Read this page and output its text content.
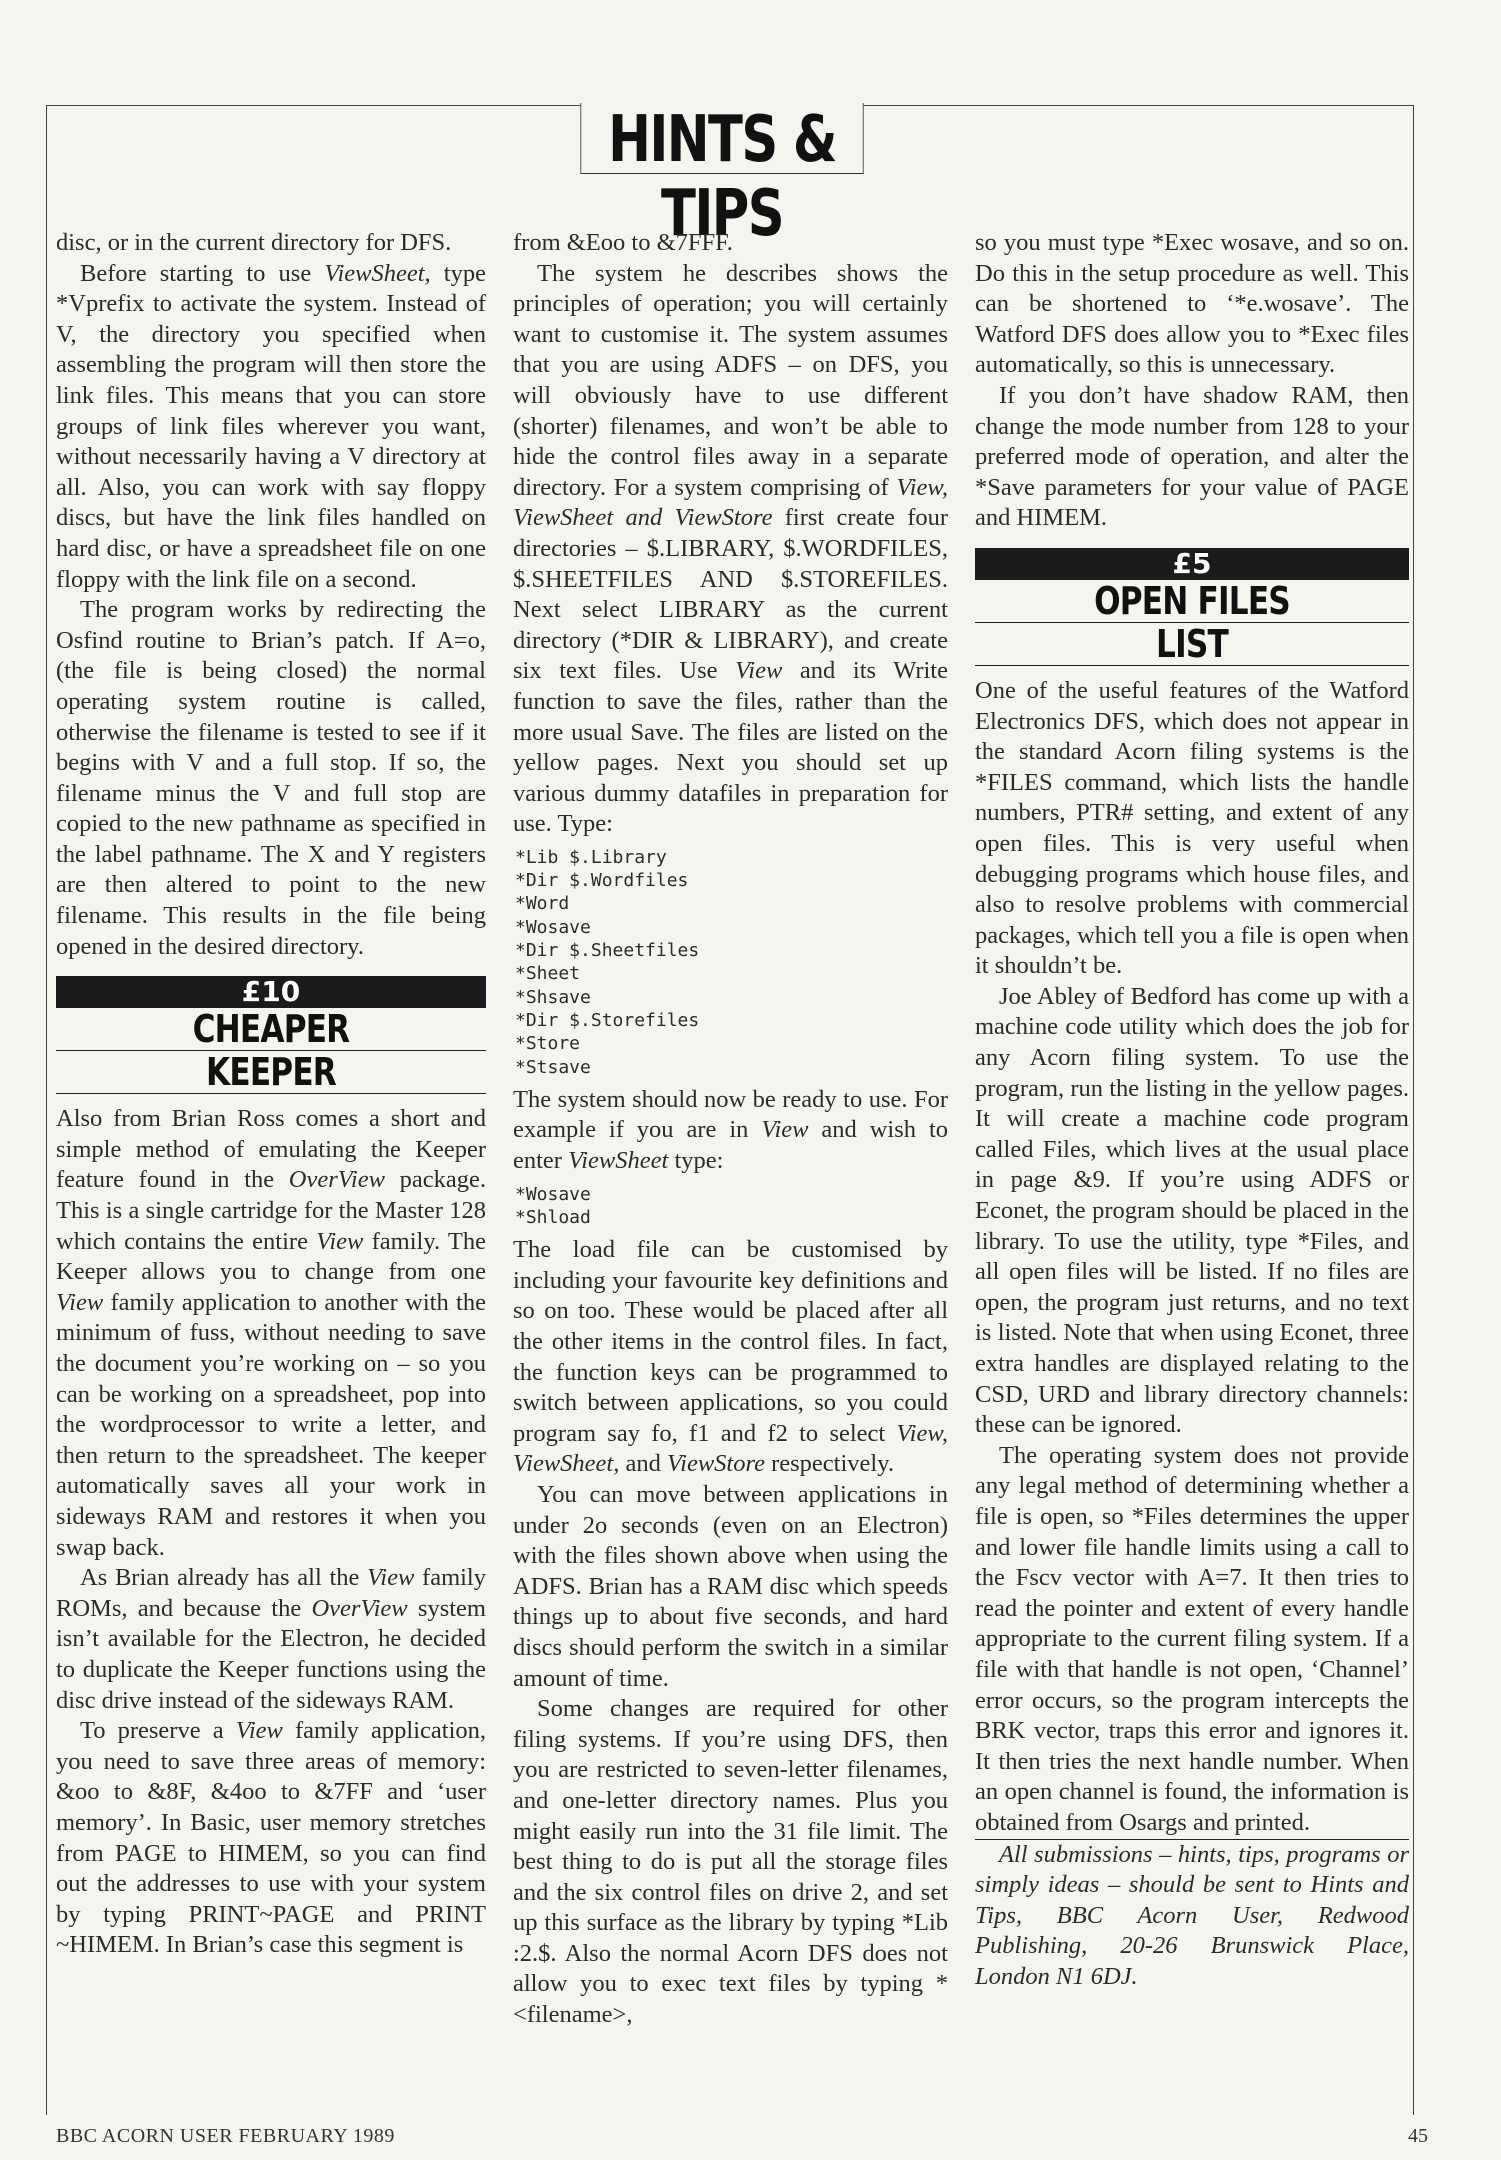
HINTS & TIPS

disc, or in the current directory for DFS.

Before starting to use ViewSheet, type *Vprefix to activate the system. Instead of V, the directory you specified when assembling the program will then store the link files. This means that you can store groups of link files wherever you want, without necessarily having a V directory at all. Also, you can work with say floppy discs, but have the link files handled on hard disc, or have a spreadsheet file on one floppy with the link file on a second.

The program works by redirecting the Osfind routine to Brian’s patch. If A=o, (the file is being closed) the normal operating system routine is called, otherwise the filename is tested to see if it begins with V and a full stop. If so, the filename minus the V and full stop are copied to the new pathname as specified in the label pathname. The X and Y registers are then altered to point to the new filename. This results in the file being opened in the desired directory.

£10
CHEAPER
KEEPER

Also from Brian Ross comes a short and simple method of emulating the Keeper feature found in the OverView package. This is a single cartridge for the Master 128 which contains the entire View family. The Keeper allows you to change from one View family application to another with the minimum of fuss, without needing to save the document you’re working on – so you can be working on a spreadsheet, pop into the wordprocessor to write a letter, and then return to the spreadsheet. The keeper automatically saves all your work in sideways RAM and restores it when you swap back.

As Brian already has all the View family ROMs, and because the OverView system isn’t available for the Electron, he decided to duplicate the Keeper functions using the disc drive instead of the sideways RAM.

To preserve a View family application, you need to save three areas of memory: &oo to &8F, &4oo to &7FF and ‘user memory’. In Basic, user memory stretches from PAGE to HIMEM, so you can find out the addresses to use with your system by typing PRINT~PAGE and PRINT ~HIMEM. In Brian’s case this segment is

from &Eoo to &7FFF.

The system he describes shows the principles of operation; you will certainly want to customise it. The system assumes that you are using ADFS – on DFS, you will obviously have to use different (shorter) filenames, and won’t be able to hide the control files away in a separate directory. For a system comprising of View, ViewSheet and ViewStore first create four directories – $.LIBRARY, $.WORDFILES, $.SHEETFILES AND $.STOREFILES. Next select LIBRARY as the current directory (*DIR & LIBRARY), and create six text files. Use View and its Write function to save the files, rather than the more usual Save. The files are listed on the yellow pages. Next you should set up various dummy datafiles in preparation for use. Type:

*Lib $.Library
*Dir $.Wordfiles
*Word
*Wosave
*Dir $.Sheetfiles
*Sheet
*Shsave
*Dir $.Storefiles
*Store
*Stsave

The system should now be ready to use. For example if you are in View and wish to enter ViewSheet type:

*Wosave
*Shload

The load file can be customised by including your favourite key definitions and so on too. These would be placed after all the other items in the control files. In fact, the function keys can be programmed to switch between applications, so you could program say fo, f1 and f2 to select View, ViewSheet, and ViewStore respectively.

You can move between applications in under 2o seconds (even on an Electron) with the files shown above when using the ADFS. Brian has a RAM disc which speeds things up to about five seconds, and hard discs should perform the switch in a similar amount of time.

Some changes are required for other filing systems. If you’re using DFS, then you are restricted to seven-letter filenames, and one-letter directory names. Plus you might easily run into the 31 file limit. The best thing to do is put all the storage files and the six control files on drive 2, and set up this surface as the library by typing *Lib :2.$. Also the normal Acorn DFS does not allow you to exec text files by typing *<filename>,

so you must type *Exec wosave, and so on. Do this in the setup procedure as well. This can be shortened to ‘*e.wosave’. The Watford DFS does allow you to *Exec files automatically, so this is unnecessary.

If you don’t have shadow RAM, then change the mode number from 128 to your preferred mode of operation, and alter the *Save parameters for your value of PAGE and HIMEM.

£5
OPEN FILES
LIST

One of the useful features of the Watford Electronics DFS, which does not appear in the standard Acorn filing systems is the *FILES command, which lists the handle numbers, PTR# setting, and extent of any open files. This is very useful when debugging programs which house files, and also to resolve problems with commercial packages, which tell you a file is open when it shouldn’t be.

Joe Abley of Bedford has come up with a machine code utility which does the job for any Acorn filing system. To use the program, run the listing in the yellow pages. It will create a machine code program called Files, which lives at the usual place in page &9. If you’re using ADFS or Econet, the program should be placed in the library. To use the utility, type *Files, and all open files will be listed. If no files are open, the program just returns, and no text is listed. Note that when using Econet, three extra handles are displayed relating to the CSD, URD and library directory channels: these can be ignored.

The operating system does not provide any legal method of determining whether a file is open, so *Files determines the upper and lower file handle limits using a call to the Fscv vector with A=7. It then tries to read the pointer and extent of every handle appropriate to the current filing system. If a file with that handle is not open, ‘Channel’ error occurs, so the program intercepts the BRK vector, traps this error and ignores it. It then tries the next handle number. When an open channel is found, the information is obtained from Osargs and printed.

All submissions – hints, tips, programs or simply ideas – should be sent to Hints and Tips, BBC Acorn User, Redwood Publishing, 20-26 Brunswick Place, London N1 6DJ.

BBC ACORN USER FEBRUARY 1989	45
